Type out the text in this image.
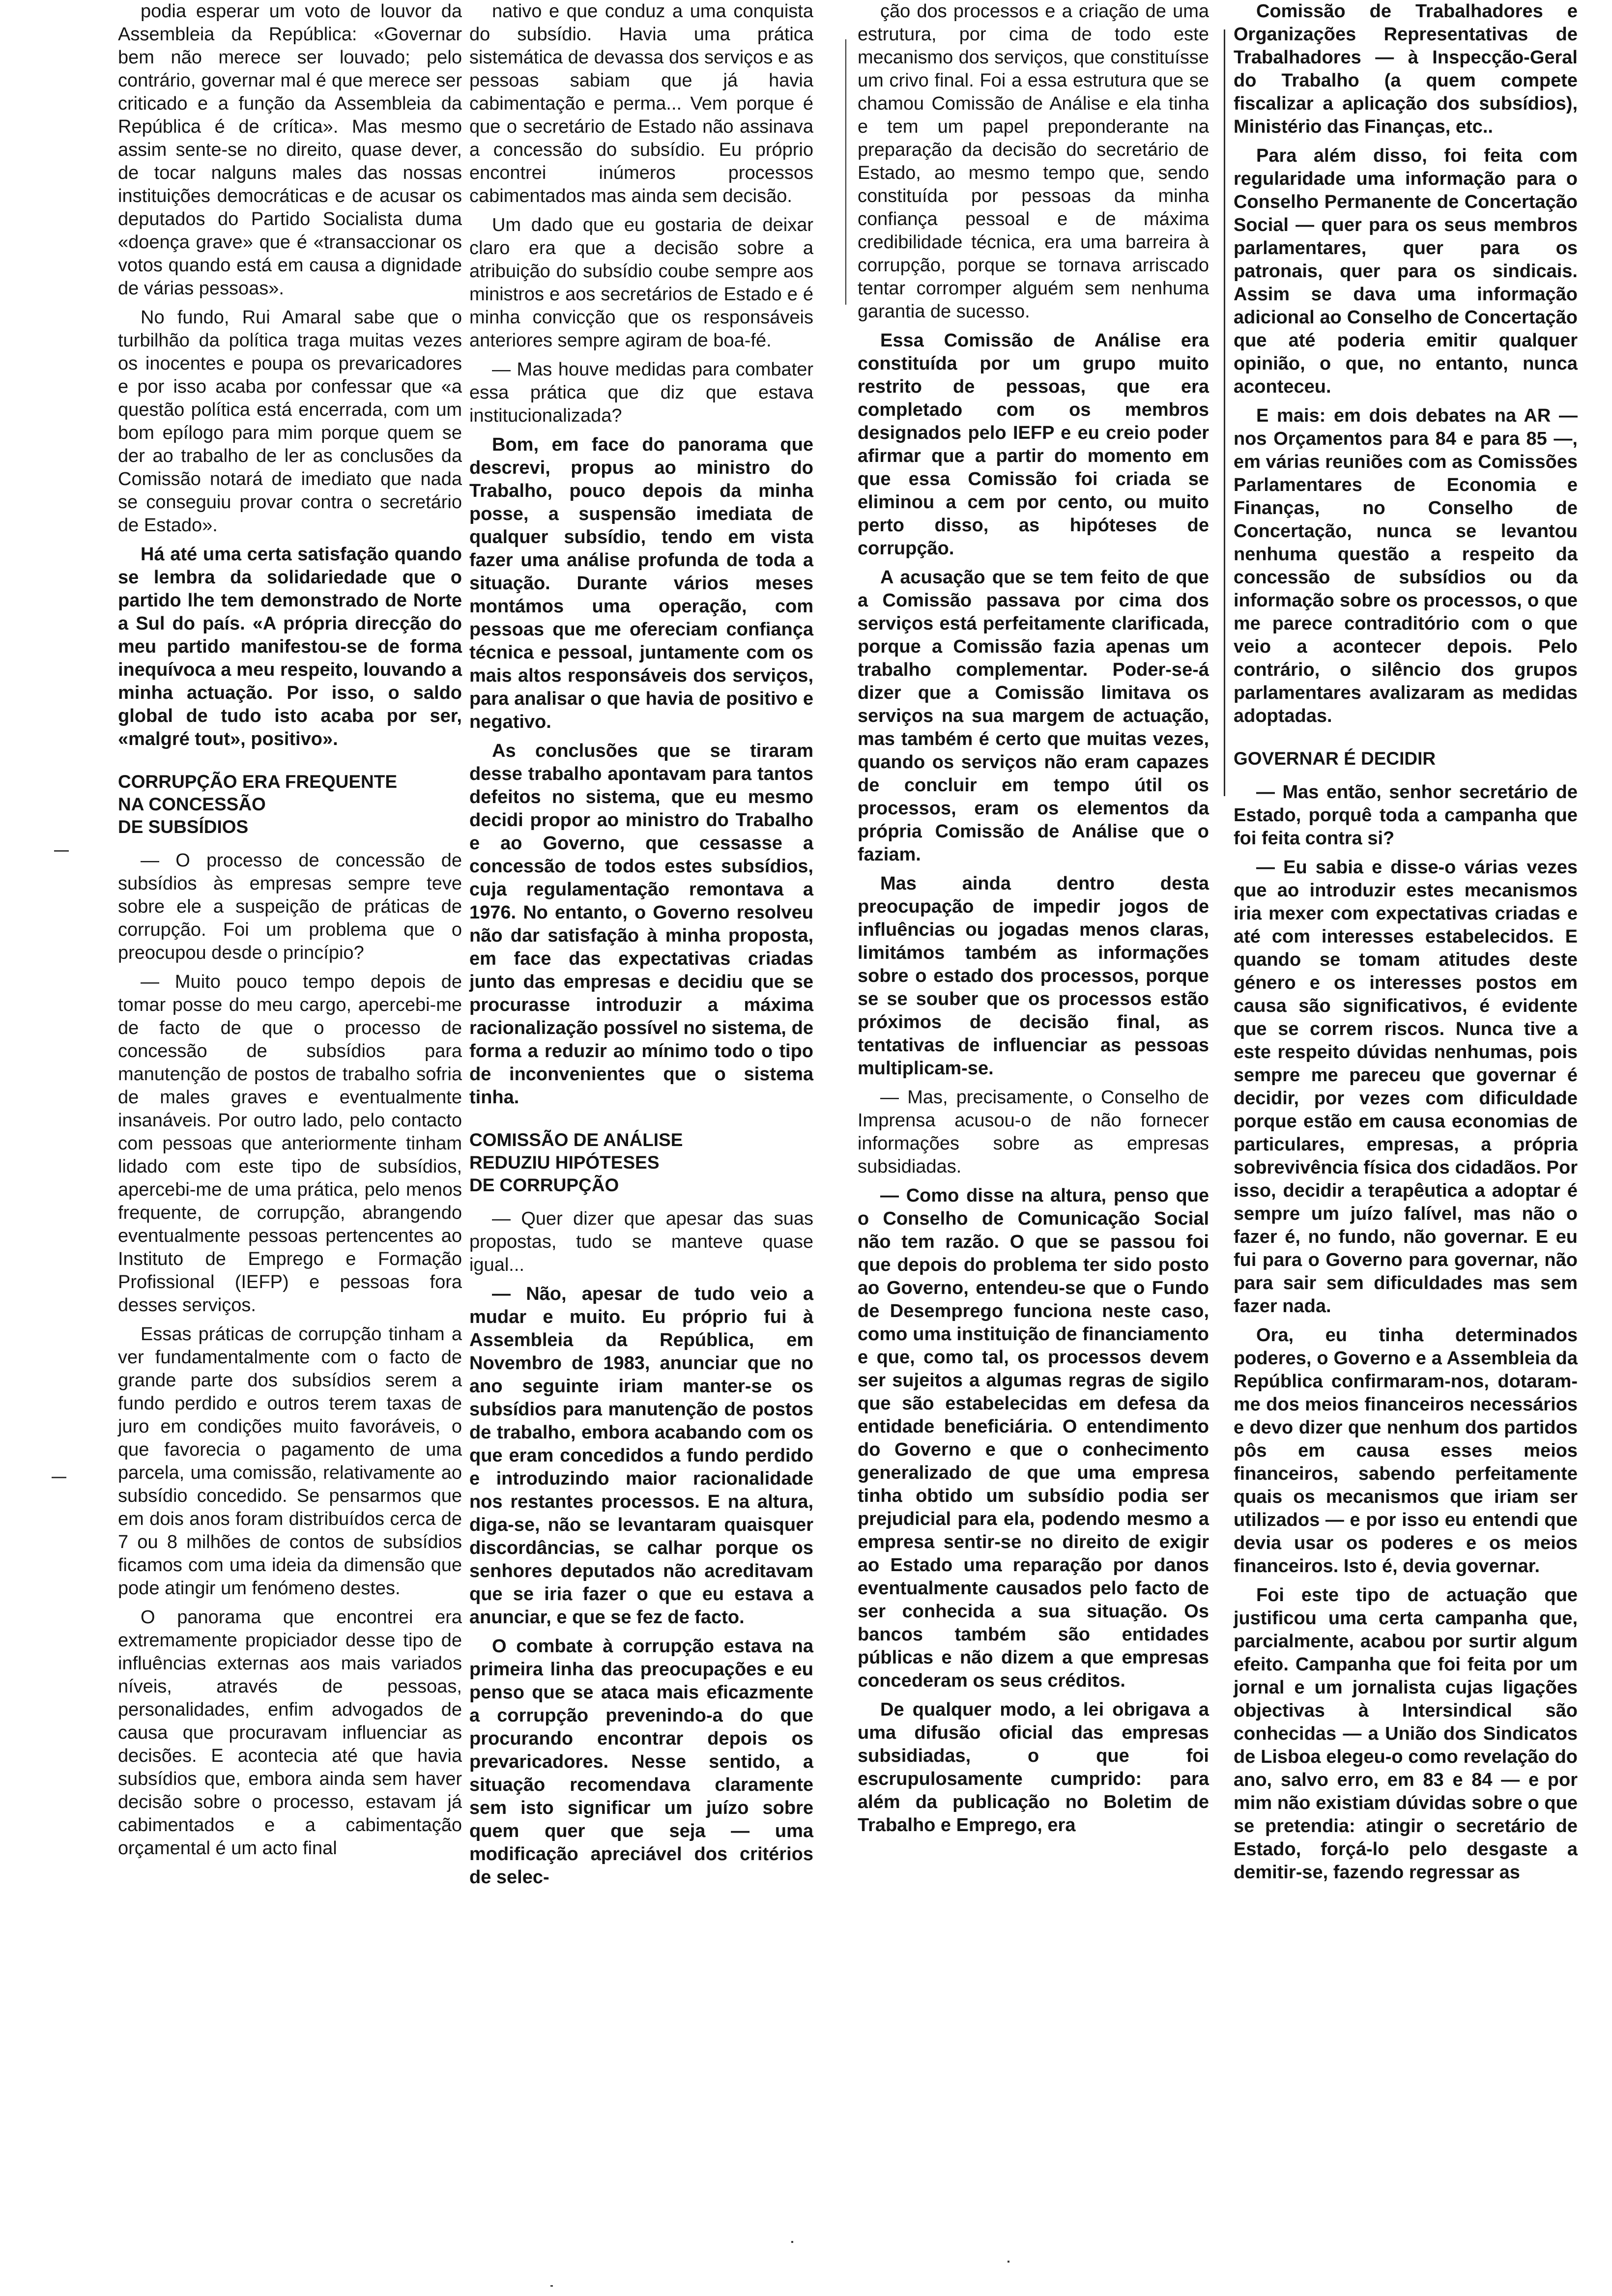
podia esperar um voto de louvor da Assembleia da República: «Governar bem não merece ser louvado; pelo contrário, governar mal é que merece ser criticado e a função da Assembleia da República é de crítica». Mas mesmo assim sente-se no direito, quase dever, de tocar nalguns males das nossas instituições democráticas e de acusar os deputados do Partido Socialista duma «doença grave» que é «transaccionar os votos quando está em causa a dignidade de várias pessoas».

No fundo, Rui Amaral sabe que o turbilhão da política traga muitas vezes os inocentes e poupa os prevaricadores e por isso acaba por confessar que «a questão política está encerrada, com um bom epílogo para mim porque quem se der ao trabalho de ler as conclusões da Comissão notará de imediato que nada se conseguiu provar contra o secretário de Estado».

Há até uma certa satisfação quando se lembra da solidariedade que o partido lhe tem demonstrado de Norte a Sul do país. «A própria direcção do meu partido manifestou-se de forma inequívoca a meu respeito, louvando a minha actuação. Por isso, o saldo global de tudo isto acaba por ser, «malgré tout», positivo».

CORRUPÇÃO ERA FREQUENTE
NA CONCESSÃO
DE SUBSÍDIOS

— O processo de concessão de subsídios às empresas sempre teve sobre ele a suspeição de práticas de corrupção. Foi um problema que o preocupou desde o princípio?

— Muito pouco tempo depois de tomar posse do meu cargo, apercebi-me de facto de que o processo de concessão de subsídios para manutenção de postos de trabalho sofria de males graves e eventualmente insanáveis. Por outro lado, pelo contacto com pessoas que anteriormente tinham lidado com este tipo de subsídios, apercebi-me de uma prática, pelo menos frequente, de corrupção, abrangendo eventualmente pessoas pertencentes ao Instituto de Emprego e Formação Profissional (IEFP) e pessoas fora desses serviços.

Essas práticas de corrupção tinham a ver fundamentalmente com o facto de grande parte dos subsídios serem a fundo perdido e outros terem taxas de juro em condições muito favoráveis, o que favorecia o pagamento de uma parcela, uma comissão, relativamente ao subsídio concedido. Se pensarmos que em dois anos foram distribuídos cerca de 7 ou 8 milhões de contos de subsídios ficamos com uma ideia da dimensão que pode atingir um fenómeno destes.

O panorama que encontrei era extremamente propiciador desse tipo de influências externas aos mais variados níveis, através de pessoas, personalidades, enfim advogados de causa que procuravam influenciar as decisões. E acontecia até que havia subsídios que, embora ainda sem haver decisão sobre o processo, estavam já cabimentados e a cabimentação orçamental é um acto final

nativo e que conduz a uma conquista do subsídio. Havia uma prática sistemática de devassa dos serviços e as pessoas sabiam que já havia cabimentação e perma... Vem porque é que o secretário de Estado não assinava a concessão do subsídio. Eu próprio encontrei inúmeros processos cabimentados mas ainda sem decisão.

Um dado que eu gostaria de deixar claro era que a decisão sobre a atribuição do subsídio coube sempre aos ministros e aos secretários de Estado e é minha convicção que os responsáveis anteriores sempre agiram de boa-fé.

— Mas houve medidas para combater essa prática que diz que estava institucionalizada?

Bom, em face do panorama que descrevi, propus ao ministro do Trabalho, pouco depois da minha posse, a suspensão imediata de qualquer subsídio, tendo em vista fazer uma análise profunda de toda a situação. Durante vários meses montámos uma operação, com pessoas que me ofereciam confiança técnica e pessoal, juntamente com os mais altos responsáveis dos serviços, para analisar o que havia de positivo e negativo.

As conclusões que se tiraram desse trabalho apontavam para tantos defeitos no sistema, que eu mesmo decidi propor ao ministro do Trabalho e ao Governo, que cessasse a concessão de todos estes subsídios, cuja regulamentação remontava a 1976. No entanto, o Governo resolveu não dar satisfação à minha proposta, em face das expectativas criadas junto das empresas e decidiu que se procurasse introduzir a máxima racionalização possível no sistema, de forma a reduzir ao mínimo todo o tipo de inconvenientes que o sistema tinha.

COMISSÃO DE ANÁLISE
REDUZIU HIPÓTESES
DE CORRUPÇÃO

— Quer dizer que apesar das suas propostas, tudo se manteve quase igual...

— Não, apesar de tudo veio a mudar e muito. Eu próprio fui à Assembleia da República, em Novembro de 1983, anunciar que no ano seguinte iriam manter-se os subsídios para manutenção de postos de trabalho, embora acabando com os que eram concedidos a fundo perdido e introduzindo maior racionalidade nos restantes processos. E na altura, diga-se, não se levantaram quaisquer discordâncias, se calhar porque os senhores deputados não acreditavam que se iria fazer o que eu estava a anunciar, e que se fez de facto.

O combate à corrupção estava na primeira linha das preocupações e eu penso que se ataca mais eficazmente a corrupção prevenindo-a do que procurando encontrar depois os prevaricadores. Nesse sentido, a situação recomendava claramente sem isto significar um juízo sobre quem quer que seja — uma modificação apreciável dos critérios de selec-

ção dos processos e a criação de uma estrutura, por cima de todo este mecanismo dos serviços, que constituísse um crivo final. Foi a essa estrutura que se chamou Comissão de Análise e ela tinha e tem um papel preponderante na preparação da decisão do secretário de Estado, ao mesmo tempo que, sendo constituída por pessoas da minha confiança pessoal e de máxima credibilidade técnica, era uma barreira à corrupção, porque se tornava arriscado tentar corromper alguém sem nenhuma garantia de sucesso.

Essa Comissão de Análise era constituída por um grupo muito restrito de pessoas, que era completado com os membros designados pelo IEFP e eu creio poder afirmar que a partir do momento em que essa Comissão foi criada se eliminou a cem por cento, ou muito perto disso, as hipóteses de corrupção.

A acusação que se tem feito de que a Comissão passava por cima dos serviços está perfeitamente clarificada, porque a Comissão fazia apenas um trabalho complementar. Poder-se-á dizer que a Comissão limitava os serviços na sua margem de actuação, mas também é certo que muitas vezes, quando os serviços não eram capazes de concluir em tempo útil os processos, eram os elementos da própria Comissão de Análise que o faziam.

Mas ainda dentro desta preocupação de impedir jogos de influências ou jogadas menos claras, limitámos também as informações sobre o estado dos processos, porque se se souber que os processos estão próximos de decisão final, as tentativas de influenciar as pessoas multiplicam-se.

— Mas, precisamente, o Conselho de Imprensa acusou-o de não fornecer informações sobre as empresas subsidiadas.

— Como disse na altura, penso que o Conselho de Comunicação Social não tem razão. O que se passou foi que depois do problema ter sido posto ao Governo, entendeu-se que o Fundo de Desemprego funciona neste caso, como uma instituição de financiamento e que, como tal, os processos devem ser sujeitos a algumas regras de sigilo que são estabelecidas em defesa da entidade beneficiária. O entendimento do Governo e que o conhecimento generalizado de que uma empresa tinha obtido um subsídio podia ser prejudicial para ela, podendo mesmo a empresa sentir-se no direito de exigir ao Estado uma reparação por danos eventualmente causados pelo facto de ser conhecida a sua situação. Os bancos também são entidades públicas e não dizem a que empresas concederam os seus créditos.

De qualquer modo, a lei obrigava a uma difusão oficial das empresas subsidiadas, o que foi escrupulosamente cumprido: para além da publicação no Boletim de Trabalho e Emprego, era

Comissão de Trabalhadores e Organizações Representativas de Trabalhadores — à Inspecção-Geral do Trabalho (a quem compete fiscalizar a aplicação dos subsídios), Ministério das Finanças, etc..

Para além disso, foi feita com regularidade uma informação para o Conselho Permanente de Concertação Social — quer para os seus membros parlamentares, quer para os patronais, quer para os sindicais. Assim se dava uma informação adicional ao Conselho de Concertação que até poderia emitir qualquer opinião, o que, no entanto, nunca aconteceu.

E mais: em dois debates na AR — nos Orçamentos para 84 e para 85 —, em várias reuniões com as Comissões Parlamentares de Economia e Finanças, no Conselho de Concertação, nunca se levantou nenhuma questão a respeito da concessão de subsídios ou da informação sobre os processos, o que me parece contraditório com o que veio a acontecer depois. Pelo contrário, o silêncio dos grupos parlamentares avalizaram as medidas adoptadas.

GOVERNAR É DECIDIR

— Mas então, senhor secretário de Estado, porquê toda a campanha que foi feita contra si?

— Eu sabia e disse-o várias vezes que ao introduzir estes mecanismos iria mexer com expectativas criadas e até com interesses estabelecidos. E quando se tomam atitudes deste género e os interesses postos em causa são significativos, é evidente que se correm riscos. Nunca tive a este respeito dúvidas nenhumas, pois sempre me pareceu que governar é decidir, por vezes com dificuldade porque estão em causa economias de particulares, empresas, a própria sobrevivência física dos cidadãos. Por isso, decidir a terapêutica a adoptar é sempre um juízo falível, mas não o fazer é, no fundo, não governar. E eu fui para o Governo para governar, não para sair sem dificuldades mas sem fazer nada.

Ora, eu tinha determinados poderes, o Governo e a Assembleia da República confirmaram-nos, dotaram-me dos meios financeiros necessários e devo dizer que nenhum dos partidos pôs em causa esses meios financeiros, sabendo perfeitamente quais os mecanismos que iriam ser utilizados — e por isso eu entendi que devia usar os poderes e os meios financeiros. Isto é, devia governar.

Foi este tipo de actuação que justificou uma certa campanha que, parcialmente, acabou por surtir algum efeito. Campanha que foi feita por um jornal e um jornalista cujas ligações objectivas à Intersindical são conhecidas — a União dos Sindicatos de Lisboa elegeu-o como revelação do ano, salvo erro, em 83 e 84 — e por mim não existiam dúvidas sobre o que se pretendia: atingir o secretário de Estado, forçá-lo pelo desgaste a demitir-se, fazendo regressar as
